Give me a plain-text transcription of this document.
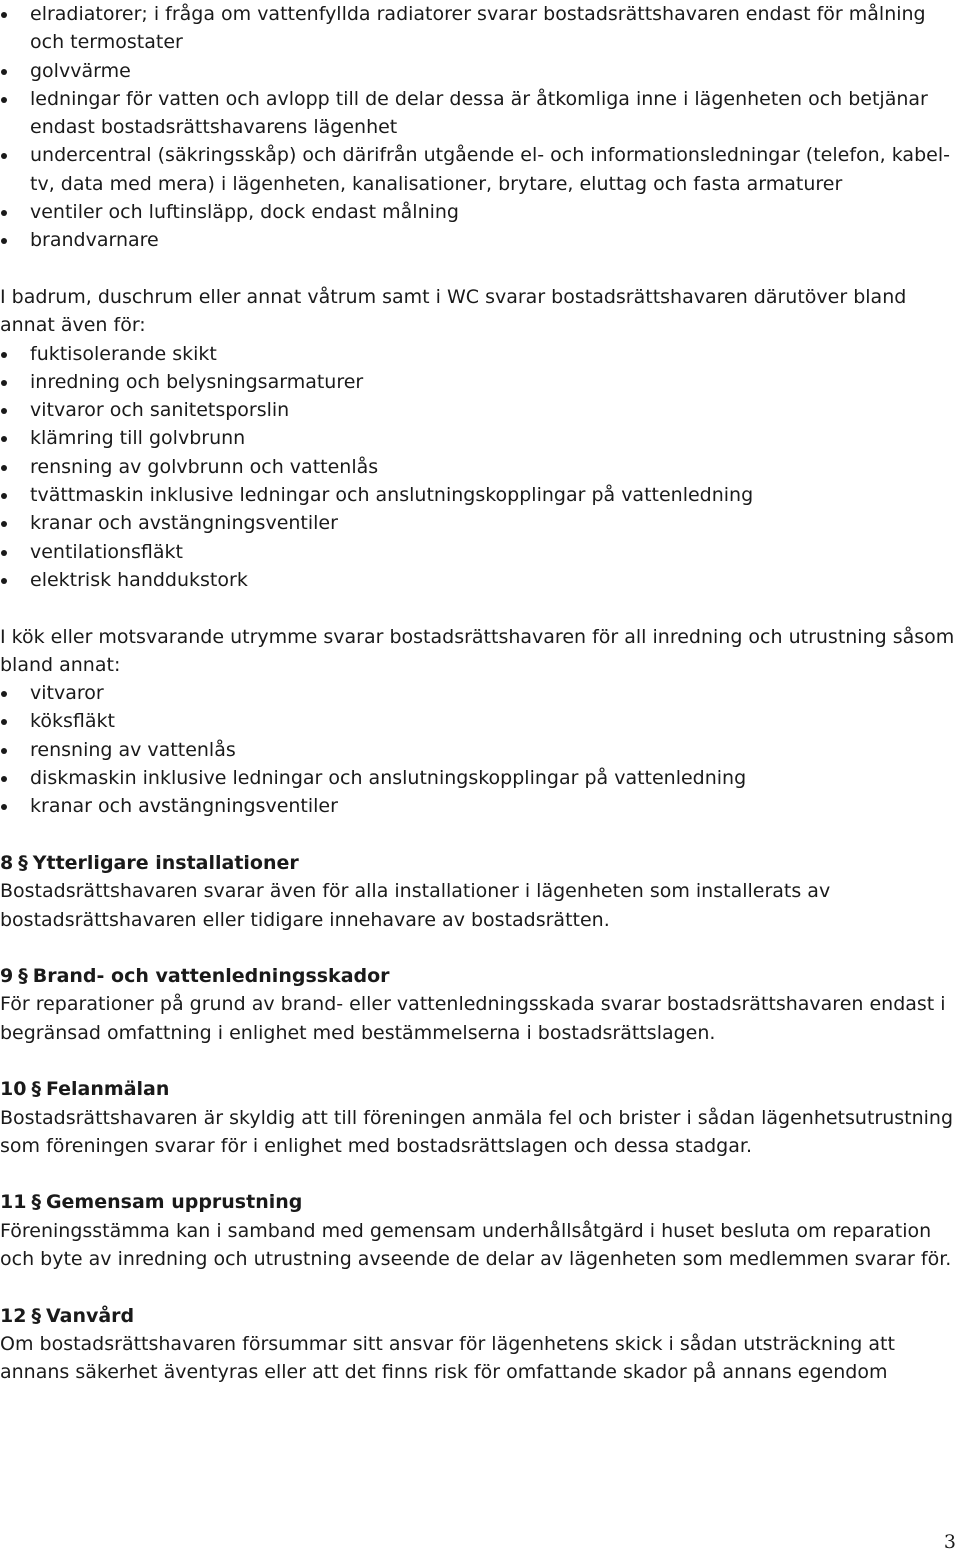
elradiatorer; i fråga om vattenfyllda radiatorer svarar bostadsrättshavaren endast för målning och termostater
golvvärme
ledningar för vatten och avlopp till de delar dessa är åtkomliga inne i lägenheten och betjänar endast bostadsrättshavarens lägenhet
undercentral (säkringsskåp) och därifrån utgående el- och informationsledningar (telefon, kabel-tv, data med mera) i lägenheten, kanalisationer, brytare, eluttag och fasta armaturer
ventiler och luftinsläpp, dock endast målning
brandvarnare

I badrum, duschrum eller annat våtrum samt i WC svarar bostadsrättshavaren därutöver bland annat även för:

fuktisolerande skikt
inredning och belysningsarmaturer
vitvaror och sanitetsporslin
klämring till golvbrunn
rensning av golvbrunn och vattenlås
tvättmaskin inklusive ledningar och anslutningskopplingar på vattenledning
kranar och avstängningsventiler
ventilationsfläkt
elektrisk handdukstork

I kök eller motsvarande utrymme svarar bostadsrättshavaren för all inredning och utrustning såsom bland annat:

vitvaror
köksfläkt
rensning av vattenlås
diskmaskin inklusive ledningar och anslutningskopplingar på vattenledning
kranar och avstängningsventiler
8 § Ytterligare installationer

Bostadsrättshavaren svarar även för alla installationer i lägenheten som installerats av bostadsrättshavaren eller tidigare innehavare av bostadsrätten.

9 § Brand- och vattenledningsskador

För reparationer på grund av brand- eller vattenledningsskada svarar bostadsrättshavaren endast i begränsad omfattning i enlighet med bestämmelserna i bostadsrättslagen.

10 § Felanmälan

Bostadsrättshavaren är skyldig att till föreningen anmäla fel och brister i sådan lägenhetsutrustning som föreningen svarar för i enlighet med bostadsrättslagen och dessa stadgar.

11 § Gemensam upprustning

Föreningsstämma kan i samband med gemensam underhållsåtgärd i huset besluta om reparation och byte av inredning och utrustning avseende de delar av lägenheten som medlemmen svarar för.

12 § Vanvård

Om bostadsrättshavaren försummar sitt ansvar för lägenhetens skick i sådan utsträckning att annans säkerhet äventyras eller att det finns risk för omfattande skador på annans egendom

3
